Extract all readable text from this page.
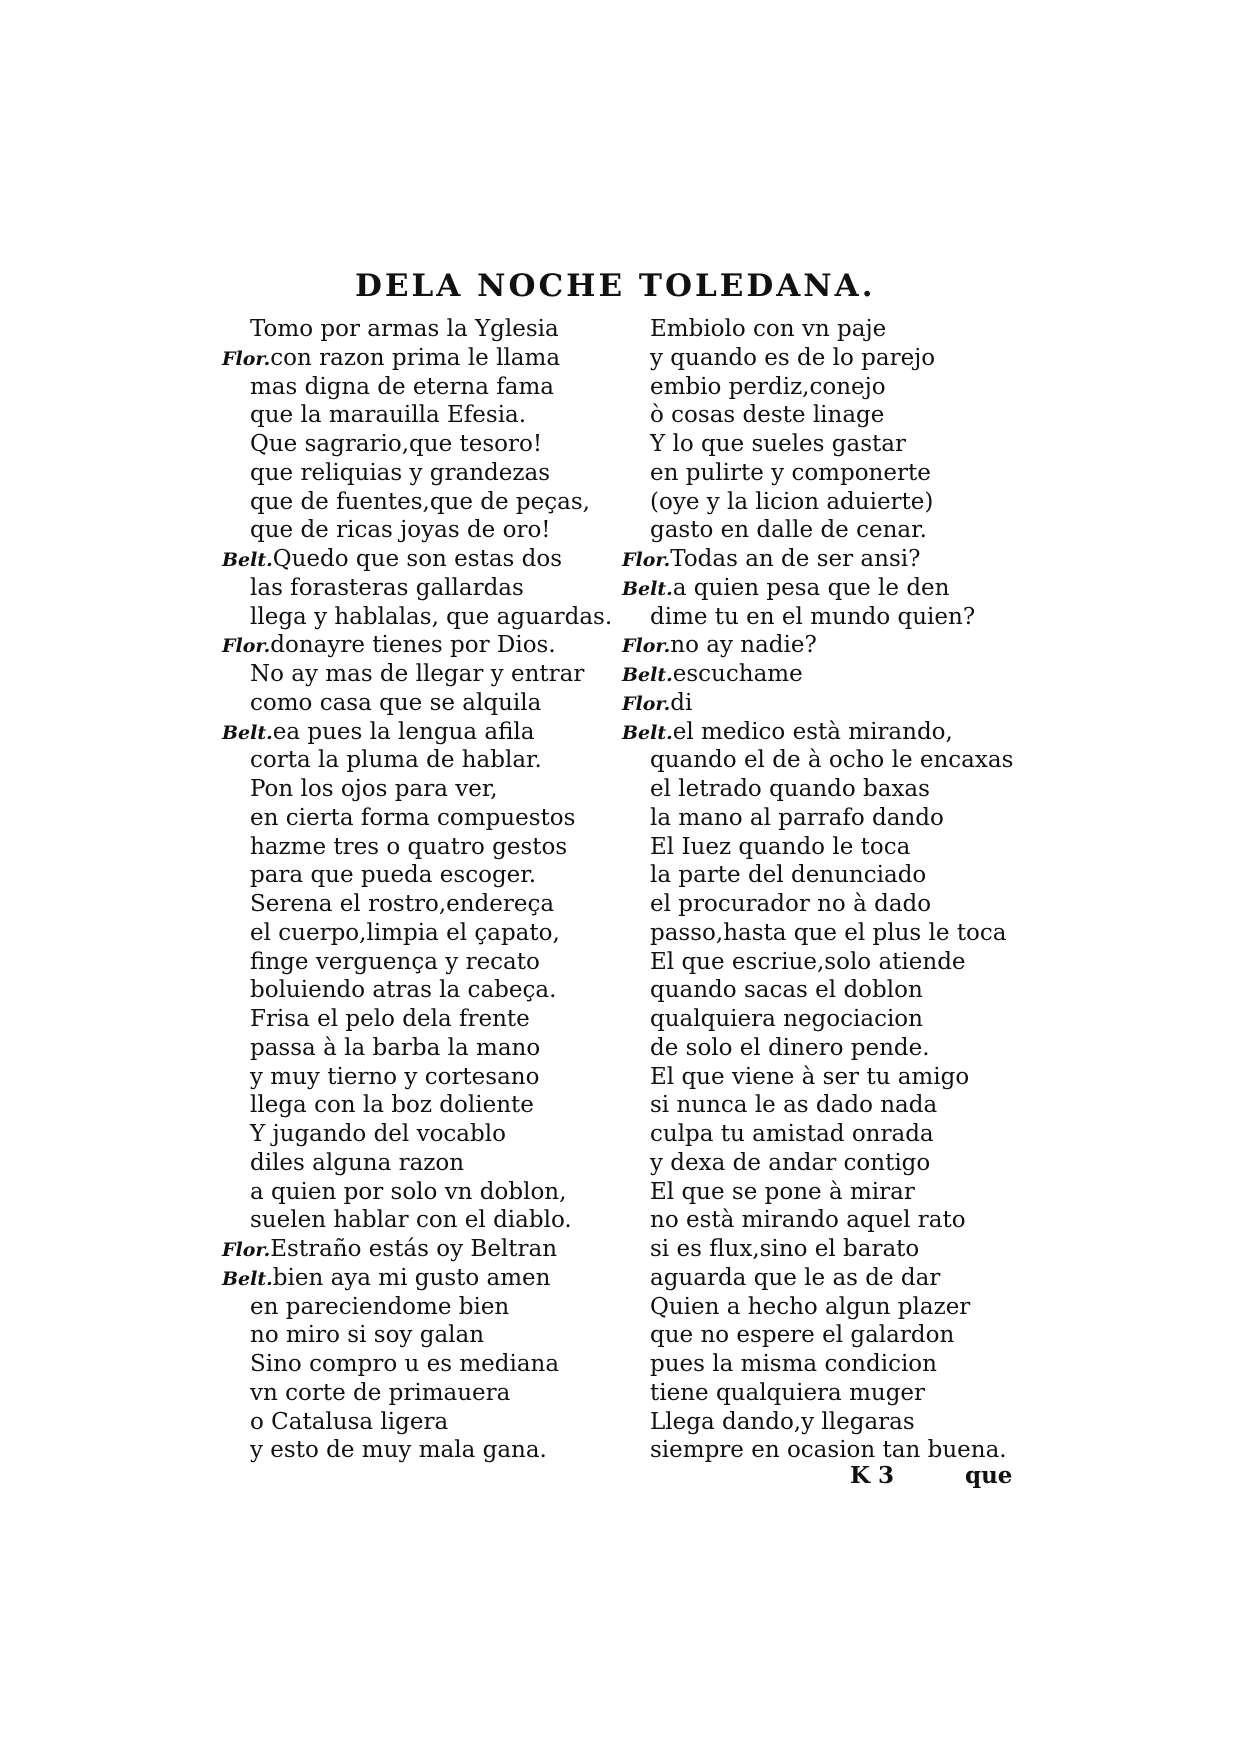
DELA NOCHE TOLEDANA.
Tomo por armas la Yglesia
Flor.con razon prima le llama
mas digna de eterna fama
que la marauilla Efesia.
Que sagrario,que tesoro!
que reliquias y grandezas
que de fuentes,que de peças,
que de ricas joyas de oro!
Belt.Quedo que son estas dos
las forasteras gallardas
llega y hablalas, que aguardas.
Flor.donayre tienes por Dios.
No ay mas de llegar y entrar
como casa que se alquila
Belt.ea pues la lengua afila
corta la pluma de hablar.
Pon los ojos para ver,
en cierta forma compuestos
hazme tres o quatro gestos
para que pueda escoger.
Serena el rostro,endereça
el cuerpo,limpia el çapato,
finge verguença y recato
boluiendo atras la cabeça.
Frisa el pelo dela frente
passa à la barba la mano
y muy tierno y cortesano
llega con la boz doliente
Y jugando del vocablo
diles alguna razon
a quien por solo vn doblon,
suelen hablar con el diablo.
Flor.Estraño estás oy Beltran
Belt.bien aya mi gusto amen
en pareciendome bien
no miro si soy galan
Sino compro u es mediana
vn corte de primauera
o Catalusa ligera
y esto de muy mala gana.
Embiolo con vn paje
y quando es de lo parejo
embio perdiz,conejo
ò cosas deste linage
Y lo que sueles gastar
en pulirte y componerte
(oye y la licion aduierte)
gasto en dalle de cenar.
Flor.Todas an de ser ansi?
Belt.a quien pesa que le den
dime tu en el mundo quien?
Flor.no ay nadie?
Belt.escuchame
Flor.di
Belt.el medico està mirando,
quando el de à ocho le encaxas
el letrado quando baxas
la mano al parrafo dando
El Iuez quando le toca
la parte del denunciado
el procurador no à dado
passo,hasta que el plus le toca
El que escriue,solo atiende
quando sacas el doblon
qualquiera negociacion
de solo el dinero pende.
El que viene à ser tu amigo
si nunca le as dado nada
culpa tu amistad onrada
y dexa de andar contigo
El que se pone à mirar
no està mirando aquel rato
si es flux,sino el barato
aguarda que le as de dar
Quien a hecho algun plazer
que no espere el galardon
pues la misma condicion
tiene qualquiera muger
Llega dando,y llegaras
siempre en ocasion tan buena.
K 3	que
